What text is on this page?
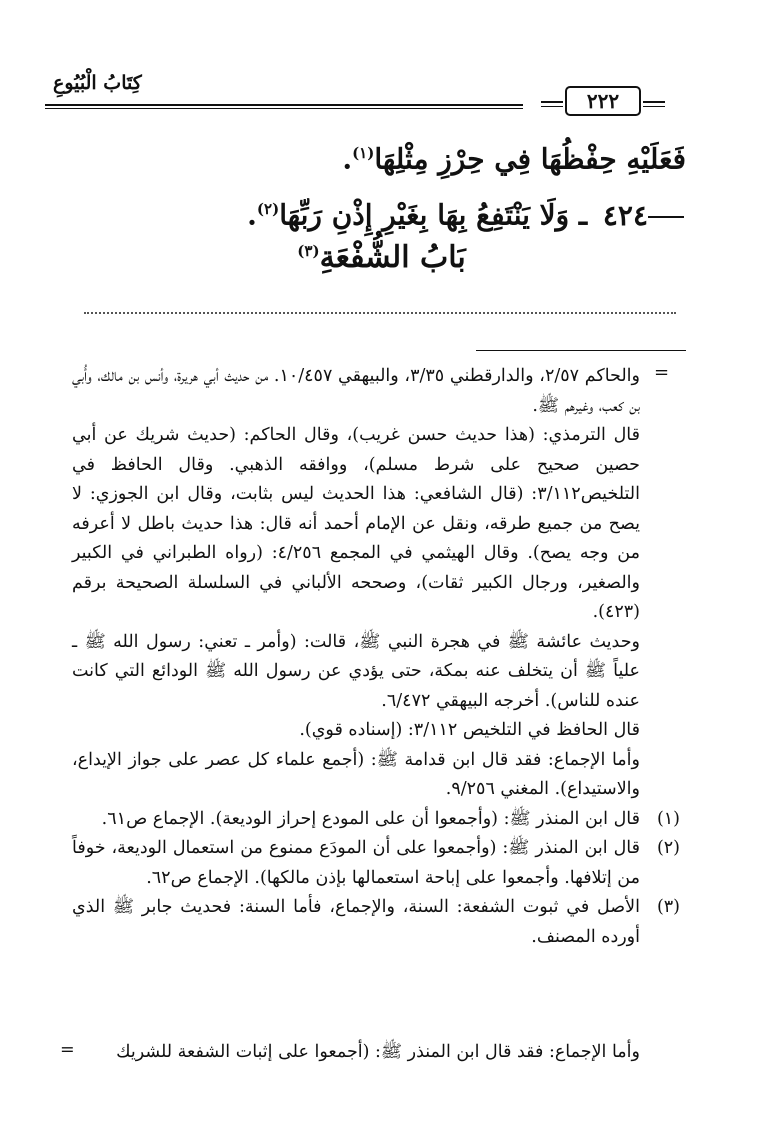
كِتَابُ الْبُيُوعِ
٢٢٢
فَعَلَيْهِ حِفْظُهَا فِي حِرْزِ مِثْلِهَا$^{(١)}$.
٤٢٤ ـ وَلَا يَنْتَفِعُ بِهَا بِغَيْرِ إِذْنِ رَبِّهَا$^{(٢)}$.
بَابُ الشُّفْعَةِ$^{(٣)}$
=

والحاكم ٢/٥٧، والدارقطني ٣/٣٥، والبيهقي ١٠/٤٥٧. من حديث أبي هريرة، وأنس بن مالك، وأُبي بن كعب، وغيرهم ﷺ.

قال الترمذي: (هذا حديث حسن غريب)، وقال الحاكم: (حديث شريك عن أبي حصين صحيح على شرط مسلم)، ووافقه الذهبي. وقال الحافظ في التلخيص٣/١١٢: (قال الشافعي: هذا الحديث ليس بثابت، وقال ابن الجوزي: لا يصح من جميع طرقه، ونقل عن الإمام أحمد أنه قال: هذا حديث باطل لا أعرفه من وجه يصح). وقال الهيثمي في المجمع ٤/٢٥٦: (رواه الطبراني في الكبير والصغير، ورجال الكبير ثقات)، وصححه الألباني في السلسلة الصحيحة برقم (٤٢٣).

وحديث عائشة ﷺ في هجرة النبي ﷺ، قالت: (وأمر ـ تعني: رسول الله ﷺ ـ علياً ﷺ أن يتخلف عنه بمكة، حتى يؤدي عن رسول الله ﷺ الودائع التي كانت عنده للناس). أخرجه البيهقي ٦/٤٧٢.

قال الحافظ في التلخيص ٣/١١٢: (إسناده قوي).

وأما الإجماع: فقد قال ابن قدامة ﷺ: (أجمع علماء كل عصر على جواز الإيداع، والاستيداع). المغني ٩/٢٥٦.

(١)
قال ابن المنذر ﷺ: (وأجمعوا أن على المودع إحراز الوديعة). الإجماع ص٦١.
(٢)
قال ابن المنذر ﷺ: (وأجمعوا على أن المودَع ممنوع من استعمال الوديعة، خوفاً من إتلافها. وأجمعوا على إباحة استعمالها بإذن مالكها). الإجماع ص٦٢.
(٣)
الأصل في ثبوت الشفعة: السنة، والإجماع، فأما السنة: فحديث جابر ﷺ الذي أورده المصنف.
وأما الإجماع: فقد قال ابن المنذر ﷺ: (أجمعوا على إثبات الشفعة للشريك
=
